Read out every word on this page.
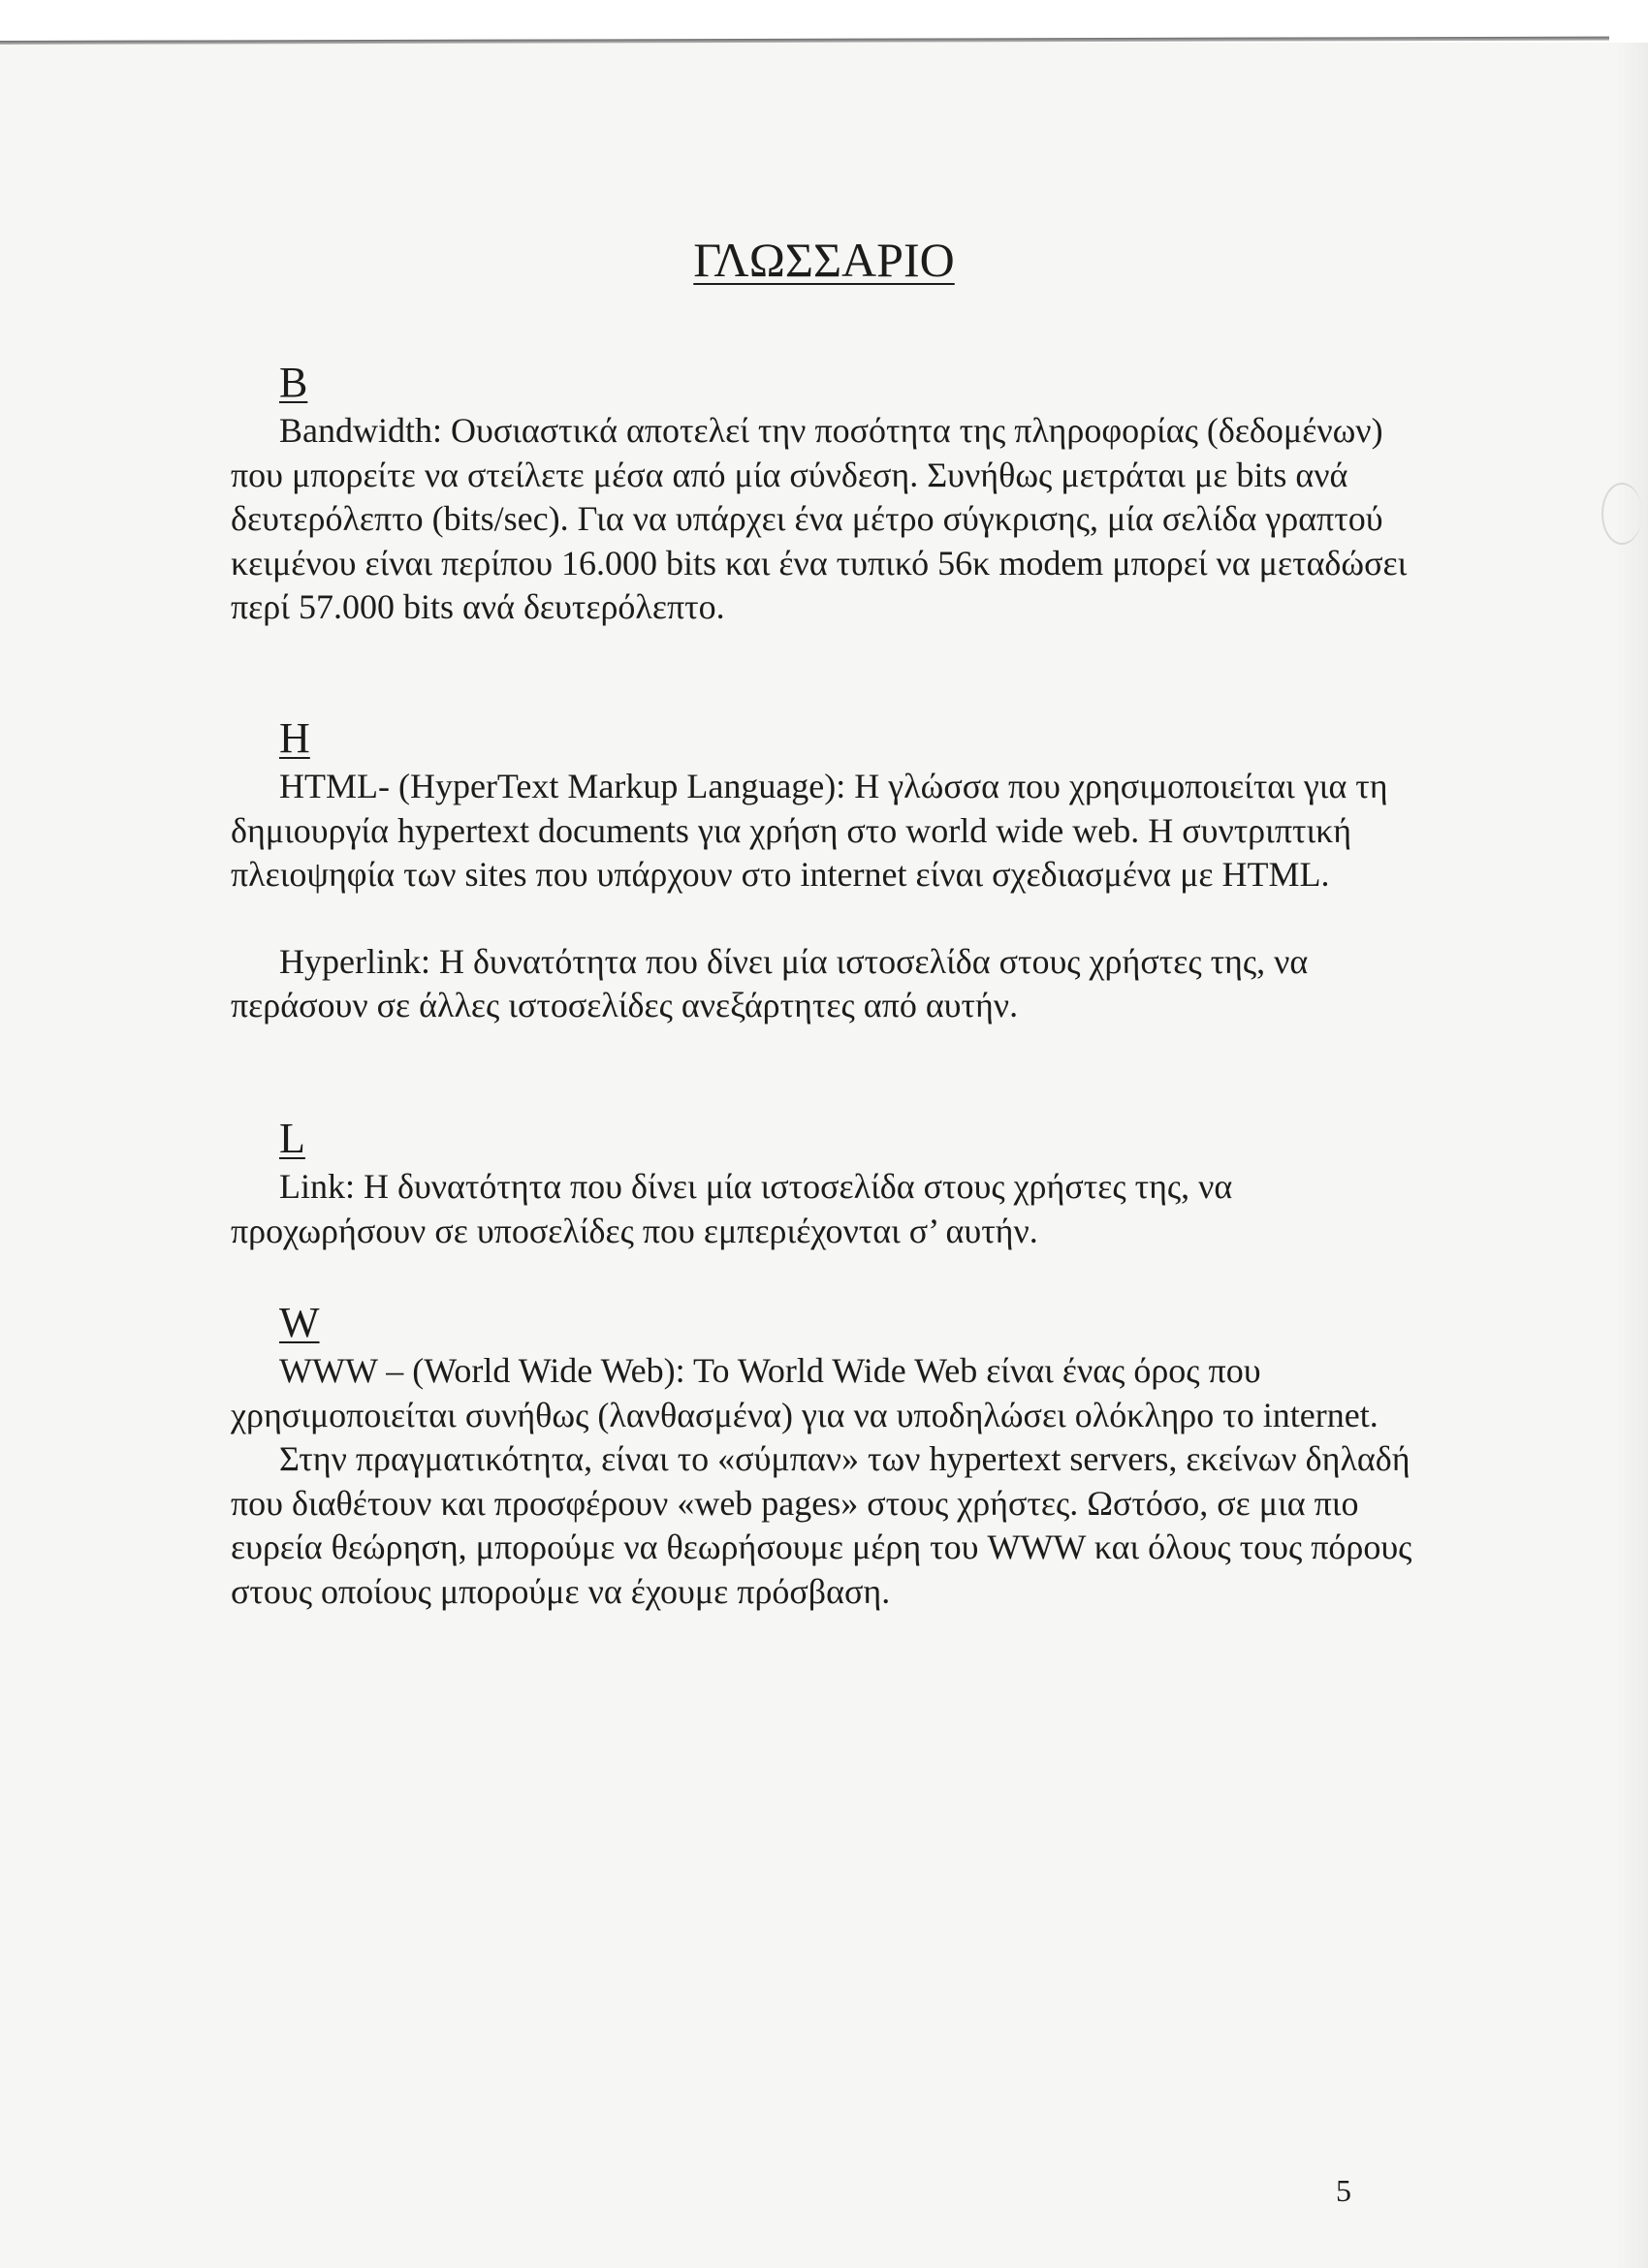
ΓΛΩΣΣΑΡΙΟ
B

Bandwidth: Ουσιαστικά αποτελεί την ποσότητα της πληροφορίας (δεδομένων) που μπορείτε να στείλετε μέσα από μία σύνδεση. Συνήθως μετράται με bits ανά δευτερόλεπτο (bits/sec). Για να υπάρχει ένα μέτρο σύγκρισης, μία σελίδα γραπτού κειμένου είναι περίπου 16.000 bits και ένα τυπικό 56κ modem μπορεί να μεταδώσει περί 57.000 bits ανά δευτερόλεπτο.

H

HTML- (HyperText Markup Language): Η γλώσσα που χρησιμοποιείται για τη δημιουργία hypertext documents για χρήση στο world wide web. Η συντριπτική πλειοψηφία των sites που υπάρχουν στο internet είναι σχεδιασμένα με HTML.

Hyperlink: Η δυνατότητα που δίνει μία ιστοσελίδα στους χρήστες της, να περάσουν σε άλλες ιστοσελίδες ανεξάρτητες από αυτήν.

L

Link: Η δυνατότητα που δίνει μία ιστοσελίδα στους χρήστες της, να προχωρήσουν σε υποσελίδες που εμπεριέχονται σ’ αυτήν.

W

WWW – (World Wide Web): To World Wide Web είναι ένας όρος που χρησιμοποιείται συνήθως (λανθασμένα) για να υποδηλώσει ολόκληρο το internet.

Στην πραγματικότητα, είναι το «σύμπαν» των hypertext servers, εκείνων δηλαδή που διαθέτουν και προσφέρουν «web pages» στους χρήστες. Ωστόσο, σε μια πιο ευρεία θεώρηση, μπορούμε να θεωρήσουμε μέρη του WWW και όλους τους πόρους στους οποίους μπορούμε να έχουμε πρόσβαση.

5
